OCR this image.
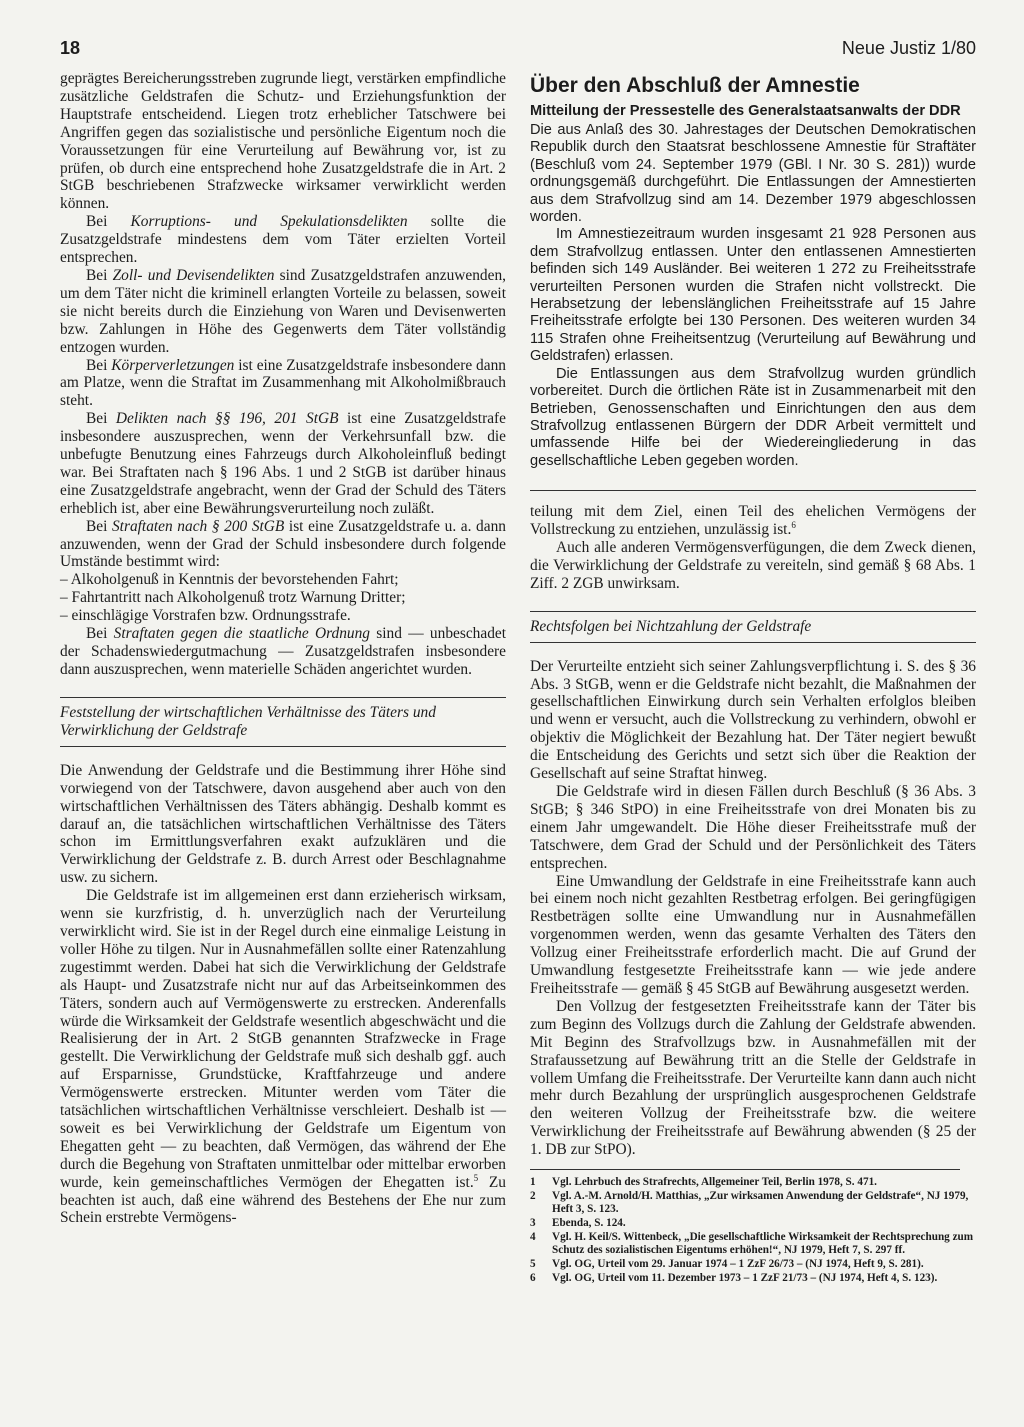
18	Neue Justiz 1/80

geprägtes Bereicherungsstreben zugrunde liegt, verstärken empfindliche zusätzliche Geldstrafen die Schutz- und Erziehungsfunktion der Hauptstrafe entscheidend. Liegen trotz erheblicher Tatschwere bei Angriffen gegen das sozialistische und persönliche Eigentum noch die Voraussetzungen für eine Verurteilung auf Bewährung vor, ist zu prüfen, ob durch eine entsprechend hohe Zusatzgeldstrafe die in Art. 2 StGB beschriebenen Strafzwecke wirksamer verwirklicht werden können.

Bei Korruptions- und Spekulationsdelikten sollte die Zusatzgeldstrafe mindestens dem vom Täter erzielten Vorteil entsprechen.

Bei Zoll- und Devisendelikten sind Zusatzgeldstrafen anzuwenden, um dem Täter nicht die kriminell erlangten Vorteile zu belassen, soweit sie nicht bereits durch die Einziehung von Waren und Devisenwerten bzw. Zahlungen in Höhe des Gegenwerts dem Täter vollständig entzogen wurden.

Bei Körperverletzungen ist eine Zusatzgeldstrafe insbesondere dann am Platze, wenn die Straftat im Zusammenhang mit Alkoholmißbrauch steht.

Bei Delikten nach §§ 196, 201 StGB ist eine Zusatzgeldstrafe insbesondere auszusprechen, wenn der Verkehrsunfall bzw. die unbefugte Benutzung eines Fahrzeugs durch Alkoholeinfluß bedingt war. Bei Straftaten nach § 196 Abs. 1 und 2 StGB ist darüber hinaus eine Zusatzgeldstrafe angebracht, wenn der Grad der Schuld des Täters erheblich ist, aber eine Bewährungsverurteilung noch zuläßt.

Bei Straftaten nach § 200 StGB ist eine Zusatzgeldstrafe u. a. dann anzuwenden, wenn der Grad der Schuld insbesondere durch folgende Umstände bestimmt wird:

– Alkoholgenuß in Kenntnis der bevorstehenden Fahrt;
– Fahrtantritt nach Alkoholgenuß trotz Warnung Dritter;
– einschlägige Vorstrafen bzw. Ordnungsstrafe.

Bei Straftaten gegen die staatliche Ordnung sind — unbeschadet der Schadenswiedergutmachung — Zusatzgeldstrafen insbesondere dann auszusprechen, wenn materielle Schäden angerichtet wurden.

Feststellung der wirtschaftlichen Verhältnisse des Täters und Verwirklichung der Geldstrafe

Die Anwendung der Geldstrafe und die Bestimmung ihrer Höhe sind vorwiegend von der Tatschwere, davon ausgehend aber auch von den wirtschaftlichen Verhältnissen des Täters abhängig. Deshalb kommt es darauf an, die tatsächlichen wirtschaftlichen Verhältnisse des Täters schon im Ermittlungsverfahren exakt aufzuklären und die Verwirklichung der Geldstrafe z. B. durch Arrest oder Beschlagnahme usw. zu sichern.

Die Geldstrafe ist im allgemeinen erst dann erzieherisch wirksam, wenn sie kurzfristig, d. h. unverzüglich nach der Verurteilung verwirklicht wird. Sie ist in der Regel durch eine einmalige Leistung in voller Höhe zu tilgen. Nur in Ausnahmefällen sollte einer Ratenzahlung zugestimmt werden. Dabei hat sich die Verwirklichung der Geldstrafe als Haupt- und Zusatzstrafe nicht nur auf das Arbeitseinkommen des Täters, sondern auch auf Vermögenswerte zu erstrecken. Anderenfalls würde die Wirksamkeit der Geldstrafe wesentlich abgeschwächt und die Realisierung der in Art. 2 StGB genannten Strafzwecke in Frage gestellt. Die Verwirklichung der Geldstrafe muß sich deshalb ggf. auch auf Ersparnisse, Grundstücke, Kraftfahrzeuge und andere Vermögenswerte erstrecken. Mitunter werden vom Täter die tatsächlichen wirtschaftlichen Verhältnisse verschleiert. Deshalb ist — soweit es bei Verwirklichung der Geldstrafe um Eigentum von Ehegatten geht — zu beachten, daß Vermögen, das während der Ehe durch die Begehung von Straftaten unmittelbar oder mittelbar erworben wurde, kein gemeinschaftliches Vermögen der Ehegatten ist.$^5$ Zu beachten ist auch, daß eine während des Bestehens der Ehe nur zum Schein erstrebte Vermögens-

Über den Abschluß der Amnestie
Mitteilung der Pressestelle des Generalstaatsanwalts der DDR

Die aus Anlaß des 30. Jahrestages der Deutschen Demokratischen Republik durch den Staatsrat beschlossene Amnestie für Straftäter (Beschluß vom 24. September 1979 (GBl. I Nr. 30 S. 281)) wurde ordnungsgemäß durchgeführt. Die Entlassungen der Amnestierten aus dem Strafvollzug sind am 14. Dezember 1979 abgeschlossen worden.

Im Amnestiezeitraum wurden insgesamt 21 928 Personen aus dem Strafvollzug entlassen. Unter den entlassenen Amnestierten befinden sich 149 Ausländer. Bei weiteren 1 272 zu Freiheitsstrafe verurteilten Personen wurden die Strafen nicht vollstreckt. Die Herabsetzung der lebenslänglichen Freiheitsstrafe auf 15 Jahre Freiheitsstrafe erfolgte bei 130 Personen. Des weiteren wurden 34 115 Strafen ohne Freiheitsentzug (Verurteilung auf Bewährung und Geldstrafen) erlassen.

Die Entlassungen aus dem Strafvollzug wurden gründlich vorbereitet. Durch die örtlichen Räte ist in Zusammenarbeit mit den Betrieben, Genossenschaften und Einrichtungen den aus dem Strafvollzug entlassenen Bürgern der DDR Arbeit vermittelt und umfassende Hilfe bei der Wiedereingliederung in das gesellschaftliche Leben gegeben worden.

teilung mit dem Ziel, einen Teil des ehelichen Vermögens der Vollstreckung zu entziehen, unzulässig ist.$^6$

Auch alle anderen Vermögensverfügungen, die dem Zweck dienen, die Verwirklichung der Geldstrafe zu vereiteln, sind gemäß § 68 Abs. 1 Ziff. 2 ZGB unwirksam.

Rechtsfolgen bei Nichtzahlung der Geldstrafe

Der Verurteilte entzieht sich seiner Zahlungsverpflichtung i. S. des § 36 Abs. 3 StGB, wenn er die Geldstrafe nicht bezahlt, die Maßnahmen der gesellschaftlichen Einwirkung durch sein Verhalten erfolglos bleiben und wenn er versucht, auch die Vollstreckung zu verhindern, obwohl er objektiv die Möglichkeit der Bezahlung hat. Der Täter negiert bewußt die Entscheidung des Gerichts und setzt sich über die Reaktion der Gesellschaft auf seine Straftat hinweg.

Die Geldstrafe wird in diesen Fällen durch Beschluß (§ 36 Abs. 3 StGB; § 346 StPO) in eine Freiheitsstrafe von drei Monaten bis zu einem Jahr umgewandelt. Die Höhe dieser Freiheitsstrafe muß der Tatschwere, dem Grad der Schuld und der Persönlichkeit des Täters entsprechen.

Eine Umwandlung der Geldstrafe in eine Freiheitsstrafe kann auch bei einem noch nicht gezahlten Restbetrag erfolgen. Bei geringfügigen Restbeträgen sollte eine Umwandlung nur in Ausnahmefällen vorgenommen werden, wenn das gesamte Verhalten des Täters den Vollzug einer Freiheitsstrafe erforderlich macht. Die auf Grund der Umwandlung festgesetzte Freiheitsstrafe kann — wie jede andere Freiheitsstrafe — gemäß § 45 StGB auf Bewährung ausgesetzt werden.

Den Vollzug der festgesetzten Freiheitsstrafe kann der Täter bis zum Beginn des Vollzugs durch die Zahlung der Geldstrafe abwenden. Mit Beginn des Strafvollzugs bzw. in Ausnahmefällen mit der Strafaussetzung auf Bewährung tritt an die Stelle der Geldstrafe in vollem Umfang die Freiheitsstrafe. Der Verurteilte kann dann auch nicht mehr durch Bezahlung der ursprünglich ausgesprochenen Geldstrafe den weiteren Vollzug der Freiheitsstrafe bzw. die weitere Verwirklichung der Freiheitsstrafe auf Bewährung abwenden (§ 25 der 1. DB zur StPO).

1	Vgl. Lehrbuch des Strafrechts, Allgemeiner Teil, Berlin 1978, S. 471.
2	Vgl. A.-M. Arnold/H. Matthias, „Zur wirksamen Anwendung der Geldstrafe“, NJ 1979, Heft 3, S. 123.
3	Ebenda, S. 124.
4	Vgl. H. Keil/S. Wittenbeck, „Die gesellschaftliche Wirksamkeit der Rechtsprechung zum Schutz des sozialistischen Eigentums erhöhen!“, NJ 1979, Heft 7, S. 297 ff.
5	Vgl. OG, Urteil vom 29. Januar 1974 – 1 ZzF 26/73 – (NJ 1974, Heft 9, S. 281).
6	Vgl. OG, Urteil vom 11. Dezember 1973 – 1 ZzF 21/73 – (NJ 1974, Heft 4, S. 123).
